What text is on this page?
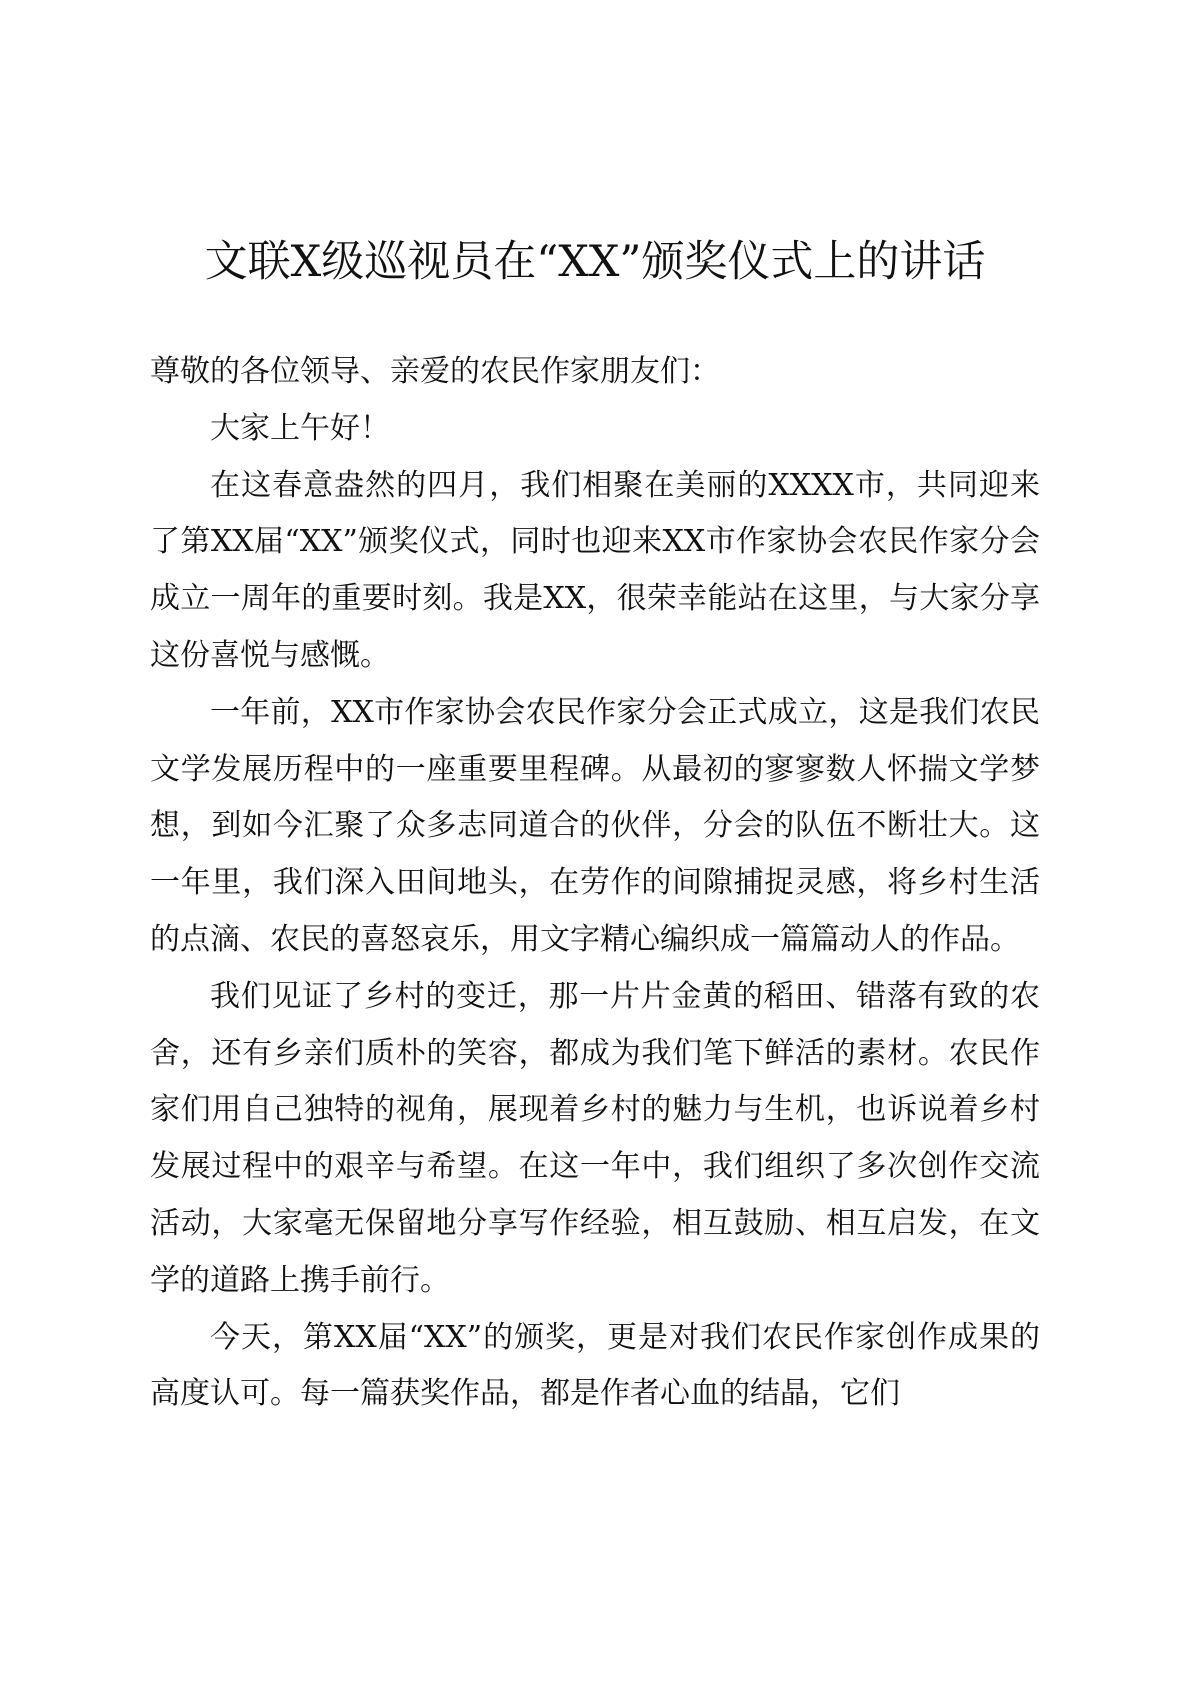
文联X级巡视员在“XX”颁奖仪式上的讲话

尊敬的各位领导、亲爱的农民作家朋友们：

大家上午好！

在这春意盎然的四月，我们相聚在美丽的XXXX市，共同迎来了第XX届“XX”颁奖仪式，同时也迎来XX市作家协会农民作家分会成立一周年的重要时刻。我是XX，很荣幸能站在这里，与大家分享这份喜悦与感慨。

一年前，XX市作家协会农民作家分会正式成立，这是我们农民文学发展历程中的一座重要里程碑。从最初的寥寥数人怀揣文学梦想，到如今汇聚了众多志同道合的伙伴，分会的队伍不断壮大。这一年里，我们深入田间地头，在劳作的间隙捕捉灵感，将乡村生活的点滴、农民的喜怒哀乐，用文字精心编织成一篇篇动人的作品。

我们见证了乡村的变迁，那一片片金黄的稻田、错落有致的农舍，还有乡亲们质朴的笑容，都成为我们笔下鲜活的素材。农民作家们用自己独特的视角，展现着乡村的魅力与生机，也诉说着乡村发展过程中的艰辛与希望。在这一年中，我们组织了多次创作交流活动，大家毫无保留地分享写作经验，相互鼓励、相互启发，在文学的道路上携手前行。

今天，第XX届“XX”的颁奖，更是对我们农民作家创作成果的高度认可。每一篇获奖作品，都是作者心血的结晶，它们
